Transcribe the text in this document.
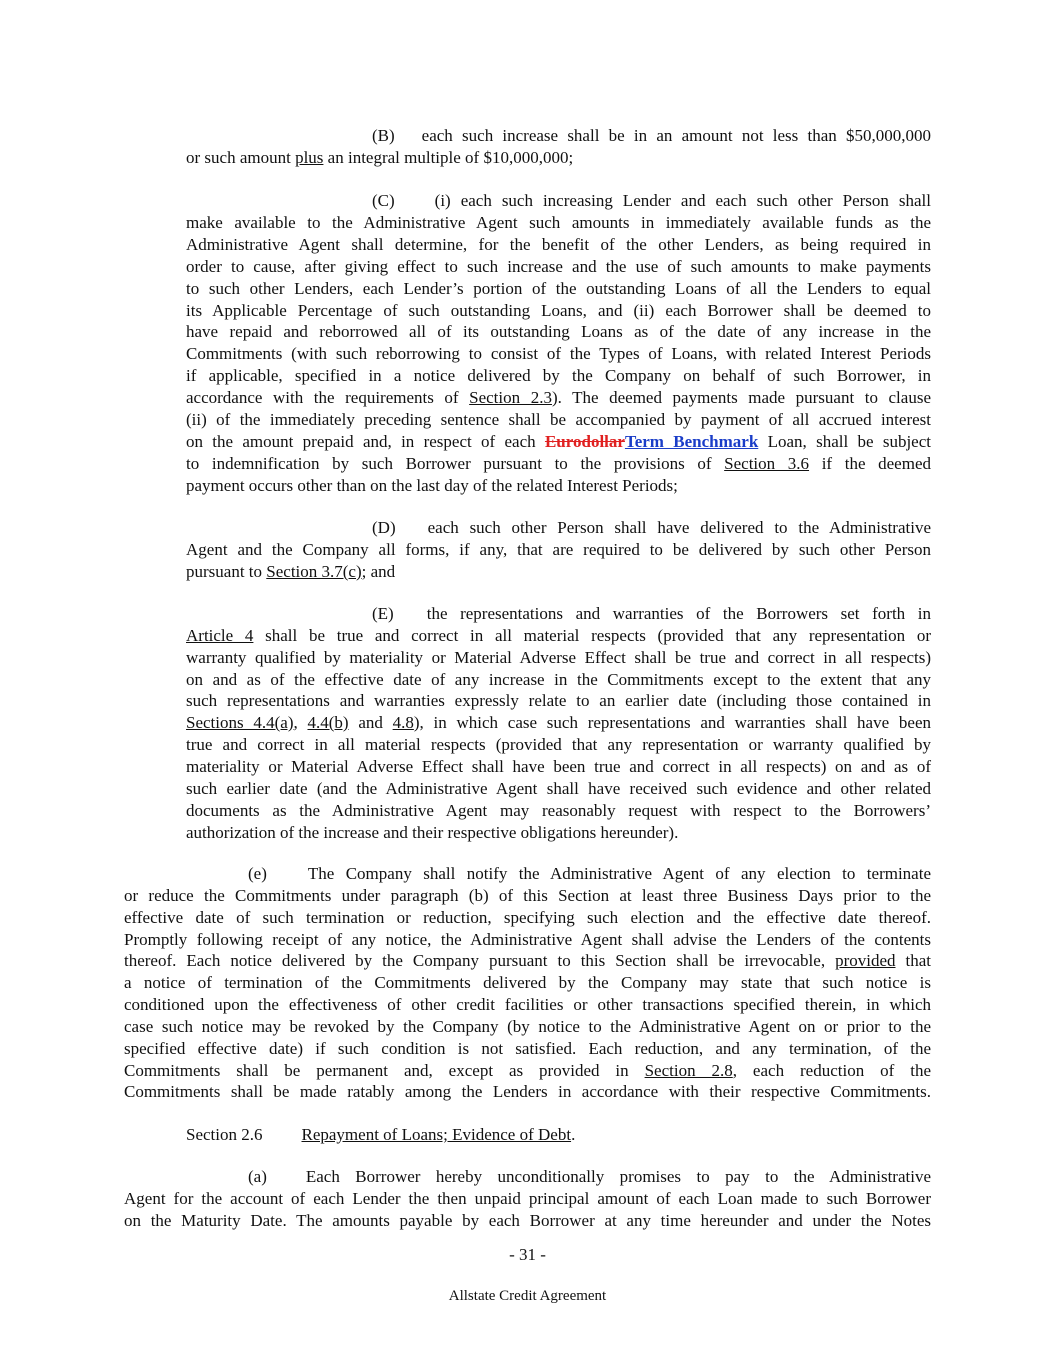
(B) each such increase shall be in an amount not less than $50,000,000
or such amount plus an integral multiple of $10,000,000;
(C) (i) each such increasing Lender and each such other Person shall
make available to the Administrative Agent such amounts in immediately available funds as the
Administrative Agent shall determine, for the benefit of the other Lenders, as being required in
order to cause, after giving effect to such increase and the use of such amounts to make payments
to such other Lenders, each Lender’s portion of the outstanding Loans of all the Lenders to equal
its Applicable Percentage of such outstanding Loans, and (ii) each Borrower shall be deemed to
have repaid and reborrowed all of its outstanding Loans as of the date of any increase in the
Commitments (with such reborrowing to consist of the Types of Loans, with related Interest Periods
if applicable, specified in a notice delivered by the Company on behalf of such Borrower, in
accordance with the requirements of Section 2.3). The deemed payments made pursuant to clause
(ii) of the immediately preceding sentence shall be accompanied by payment of all accrued interest
on the amount prepaid and, in respect of each EurodollarTerm Benchmark Loan, shall be subject
to indemnification by such Borrower pursuant to the provisions of Section 3.6 if the deemed
payment occurs other than on the last day of the related Interest Periods;
(D) each such other Person shall have delivered to the Administrative
Agent and the Company all forms, if any, that are required to be delivered by such other Person
pursuant to Section 3.7(c); and
(E) the representations and warranties of the Borrowers set forth in
Article 4 shall be true and correct in all material respects (provided that any representation or
warranty qualified by materiality or Material Adverse Effect shall be true and correct in all respects)
on and as of the effective date of any increase in the Commitments except to the extent that any
such representations and warranties expressly relate to an earlier date (including those contained in
Sections 4.4(a), 4.4(b) and 4.8), in which case such representations and warranties shall have been
true and correct in all material respects (provided that any representation or warranty qualified by
materiality or Material Adverse Effect shall have been true and correct in all respects) on and as of
such earlier date (and the Administrative Agent shall have received such evidence and other related
documents as the Administrative Agent may reasonably request with respect to the Borrowers’
authorization of the increase and their respective obligations hereunder).
(e) The Company shall notify the Administrative Agent of any election to terminate
or reduce the Commitments under paragraph (b) of this Section at least three Business Days prior to the
effective date of such termination or reduction, specifying such election and the effective date thereof.
Promptly following receipt of any notice, the Administrative Agent shall advise the Lenders of the contents
thereof. Each notice delivered by the Company pursuant to this Section shall be irrevocable, provided that
a notice of termination of the Commitments delivered by the Company may state that such notice is
conditioned upon the effectiveness of other credit facilities or other transactions specified therein, in which
case such notice may be revoked by the Company (by notice to the Administrative Agent on or prior to the
specified effective date) if such condition is not satisfied. Each reduction, and any termination, of the
Commitments shall be permanent and, except as provided in Section 2.8, each reduction of the
Commitments shall be made ratably among the Lenders in accordance with their respective Commitments.
Section 2.6 Repayment of Loans; Evidence of Debt.
(a) Each Borrower hereby unconditionally promises to pay to the Administrative
Agent for the account of each Lender the then unpaid principal amount of each Loan made to such Borrower
on the Maturity Date. The amounts payable by each Borrower at any time hereunder and under the Notes
- 31 -
Allstate Credit Agreement
